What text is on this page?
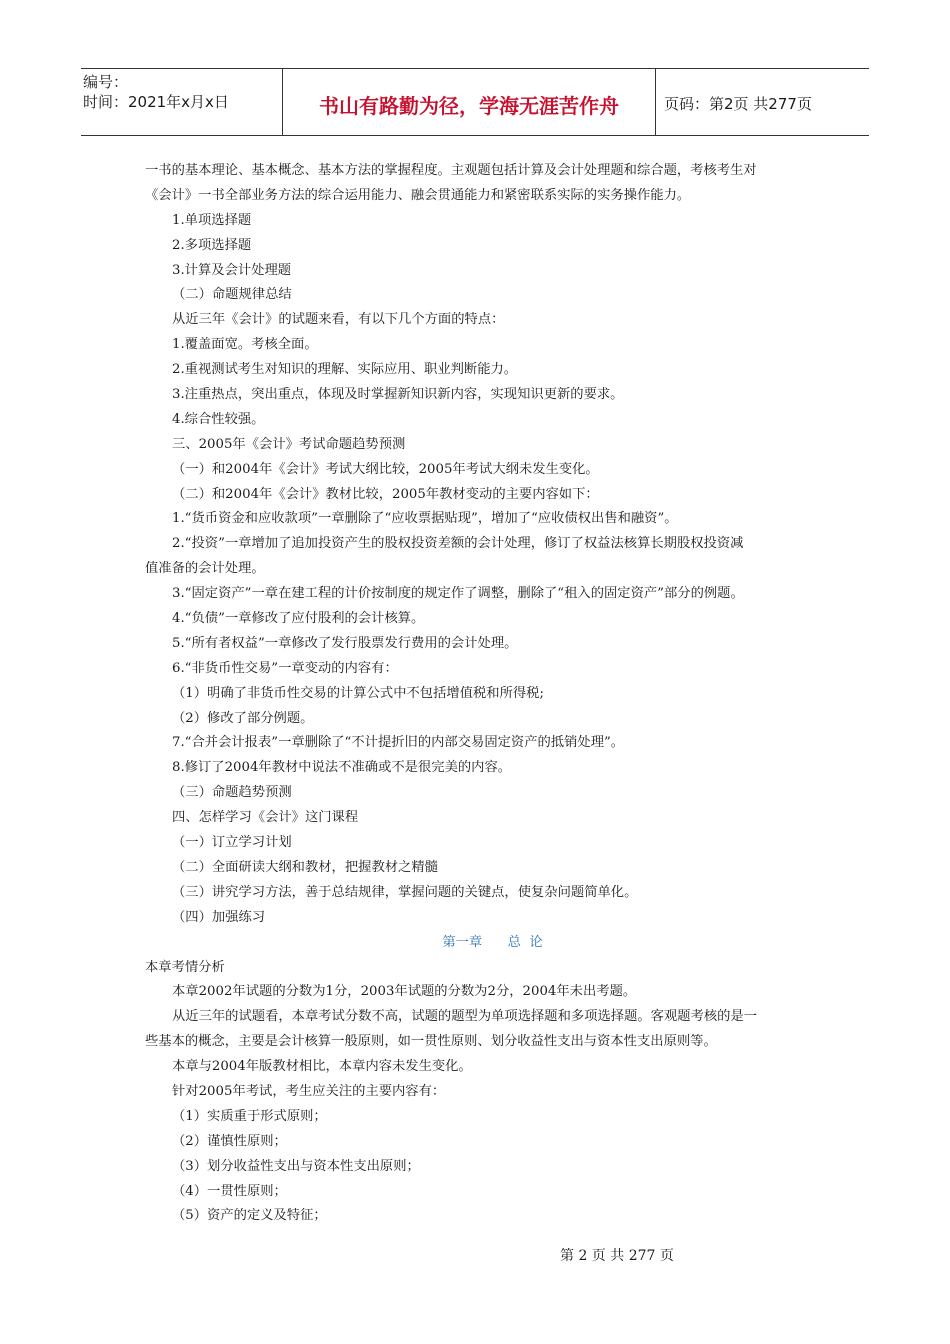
编号：
时间：2021年x月x日	书山有路勤为径，学海无涯苦作舟	页码：第2页 共277页
一书的基本理论、基本概念、基本方法的掌握程度。主观题包括计算及会计处理题和综合题，考核考生对
《会计》一书全部业务方法的综合运用能力、融会贯通能力和紧密联系实际的实务操作能力。
1.单项选择题
2.多项选择题
3.计算及会计处理题
（二）命题规律总结
从近三年《会计》的试题来看，有以下几个方面的特点：
1.覆盖面宽。考核全面。
2.重视测试考生对知识的理解、实际应用、职业判断能力。
3.注重热点，突出重点，体现及时掌握新知识新内容，实现知识更新的要求。
4.综合性较强。
三、2005年《会计》考试命题趋势预测
（一）和2004年《会计》考试大纲比较，2005年考试大纲未发生变化。
（二）和2004年《会计》教材比较，2005年教材变动的主要内容如下：
1.“货币资金和应收款项”一章删除了“应收票据贴现”，增加了“应收债权出售和融资”。
2.“投资”一章增加了追加投资产生的股权投资差额的会计处理，修订了权益法核算长期股权投资减
值准备的会计处理。
3.“固定资产”一章在建工程的计价按制度的规定作了调整，删除了“租入的固定资产”部分的例题。
4.“负债”一章修改了应付股利的会计核算。
5.“所有者权益”一章修改了发行股票发行费用的会计处理。
6.“非货币性交易”一章变动的内容有：
（1）明确了非货币性交易的计算公式中不包括增值税和所得税;
（2）修改了部分例题。
7.“合并会计报表”一章删除了“不计提折旧的内部交易固定资产的抵销处理”。
8.修订了2004年教材中说法不准确或不是很完美的内容。
（三）命题趋势预测
四、怎样学习《会计》这门课程
（一）订立学习计划
（二）全面研读大纲和教材，把握教材之精髓
（三）讲究学习方法，善于总结规律，掌握问题的关键点，使复杂问题简单化。
（四）加强练习
第一章      总  论
本章考情分析
本章2002年试题的分数为1分，2003年试题的分数为2分，2004年未出考题。
从近三年的试题看，本章考试分数不高，试题的题型为单项选择题和多项选择题。客观题考核的是一
些基本的概念，主要是会计核算一般原则，如一贯性原则、划分收益性支出与资本性支出原则等。
本章与2004年版教材相比，本章内容未发生变化。
针对2005年考试，考生应关注的主要内容有：
（1）实质重于形式原则；
（2）谨慎性原则；
（3）划分收益性支出与资本性支出原则；
（4）一贯性原则；
（5）资产的定义及特征；
第 2 页 共 277 页
